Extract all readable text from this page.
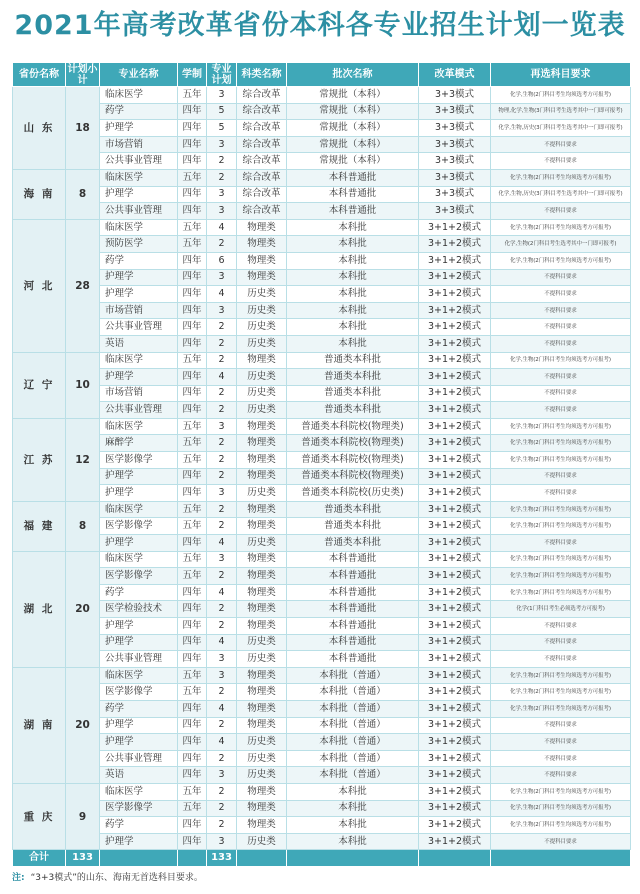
2021年高考改革省份本科各专业招生计划一览表
省份名称	计划小计	专业名称	学制	专业计划	科类名称	批次名称	改革模式	再选科目要求
山 东	18	临床医学	五年	3	综合改革	常规批（本科）	3+3模式	化学,生物(2门科目考生均须选考方可报考)
		药学	四年	5	综合改革	常规批（本科）	3+3模式	物理,化学,生物(3门科目考生选考其中一门即可报考)
		护理学	四年	5	综合改革	常规批（本科）	3+3模式	化学,生物,历史(3门科目考生选考其中一门即可报考)
		市场营销	四年	3	综合改革	常规批（本科）	3+3模式	不提科目要求
		公共事业管理	四年	2	综合改革	常规批（本科）	3+3模式	不提科目要求
海 南	8	临床医学	五年	2	综合改革	本科普通批	3+3模式	化学,生物(2门科目考生均须选考方可报考)
		护理学	四年	3	综合改革	本科普通批	3+3模式	化学,生物,历史(3门科目考生选考其中一门即可报考)
		公共事业管理	四年	3	综合改革	本科普通批	3+3模式	不提科目要求
河 北	28	临床医学	五年	4	物理类	本科批	3+1+2模式	化学,生物(2门科目考生均须选考方可报考)
		预防医学	五年	2	物理类	本科批	3+1+2模式	化学,生物(2门科目考生选考其中一门即可报考)
		药学	四年	6	物理类	本科批	3+1+2模式	化学,生物(2门科目考生均须选考方可报考)
		护理学	四年	3	物理类	本科批	3+1+2模式	不提科目要求
		护理学	四年	4	历史类	本科批	3+1+2模式	不提科目要求
		市场营销	四年	3	历史类	本科批	3+1+2模式	不提科目要求
		公共事业管理	四年	2	历史类	本科批	3+1+2模式	不提科目要求
		英语	四年	2	历史类	本科批	3+1+2模式	不提科目要求
辽 宁	10	临床医学	五年	2	物理类	普通类本科批	3+1+2模式	化学,生物(2门科目考生均须选考方可报考)
		护理学	四年	4	历史类	普通类本科批	3+1+2模式	不提科目要求
		市场营销	四年	2	历史类	普通类本科批	3+1+2模式	不提科目要求
		公共事业管理	四年	2	历史类	普通类本科批	3+1+2模式	不提科目要求
江 苏	12	临床医学	五年	3	物理类	普通类本科院校(物理类)	3+1+2模式	化学,生物(2门科目考生均须选考方可报考)
		麻醉学	五年	2	物理类	普通类本科院校(物理类)	3+1+2模式	化学,生物(2门科目考生均须选考方可报考)
		医学影像学	五年	2	物理类	普通类本科院校(物理类)	3+1+2模式	化学,生物(2门科目考生均须选考方可报考)
		护理学	四年	2	物理类	普通类本科院校(物理类)	3+1+2模式	不提科目要求
		护理学	四年	3	历史类	普通类本科院校(历史类)	3+1+2模式	不提科目要求
福 建	8	临床医学	五年	2	物理类	普通类本科批	3+1+2模式	化学,生物(2门科目考生均须选考方可报考)
		医学影像学	五年	2	物理类	普通类本科批	3+1+2模式	化学,生物(2门科目考生均须选考方可报考)
		护理学	四年	4	历史类	普通类本科批	3+1+2模式	不提科目要求
湖 北	20	临床医学	五年	3	物理类	本科普通批	3+1+2模式	化学,生物(2门科目考生均须选考方可报考)
		医学影像学	五年	2	物理类	本科普通批	3+1+2模式	化学,生物(2门科目考生均须选考方可报考)
		药学	四年	4	物理类	本科普通批	3+1+2模式	化学,生物(2门科目考生均须选考方可报考)
		医学检验技术	四年	2	物理类	本科普通批	3+1+2模式	化学(1门科目考生必须选考方可报考)
		护理学	四年	2	物理类	本科普通批	3+1+2模式	不提科目要求
		护理学	四年	4	历史类	本科普通批	3+1+2模式	不提科目要求
		公共事业管理	四年	3	历史类	本科普通批	3+1+2模式	不提科目要求
湖 南	20	临床医学	五年	3	物理类	本科批（普通）	3+1+2模式	化学,生物(2门科目考生均须选考方可报考)
		医学影像学	五年	2	物理类	本科批（普通）	3+1+2模式	化学,生物(2门科目考生均须选考方可报考)
		药学	四年	4	物理类	本科批（普通）	3+1+2模式	化学,生物(2门科目考生均须选考方可报考)
		护理学	四年	2	物理类	本科批（普通）	3+1+2模式	不提科目要求
		护理学	四年	4	历史类	本科批（普通）	3+1+2模式	不提科目要求
		公共事业管理	四年	2	历史类	本科批（普通）	3+1+2模式	不提科目要求
		英语	四年	3	历史类	本科批（普通）	3+1+2模式	不提科目要求
重 庆	9	临床医学	五年	2	物理类	本科批	3+1+2模式	化学,生物(2门科目考生均须选考方可报考)
		医学影像学	五年	2	物理类	本科批	3+1+2模式	化学,生物(2门科目考生均须选考方可报考)
		药学	四年	2	物理类	本科批	3+1+2模式	化学,生物(2门科目考生均须选考方可报考)
		护理学	四年	3	历史类	本科批	3+1+2模式	不提科目要求
合计	133			133				
注: “3+3模式”的山东、海南无首选科目要求。
